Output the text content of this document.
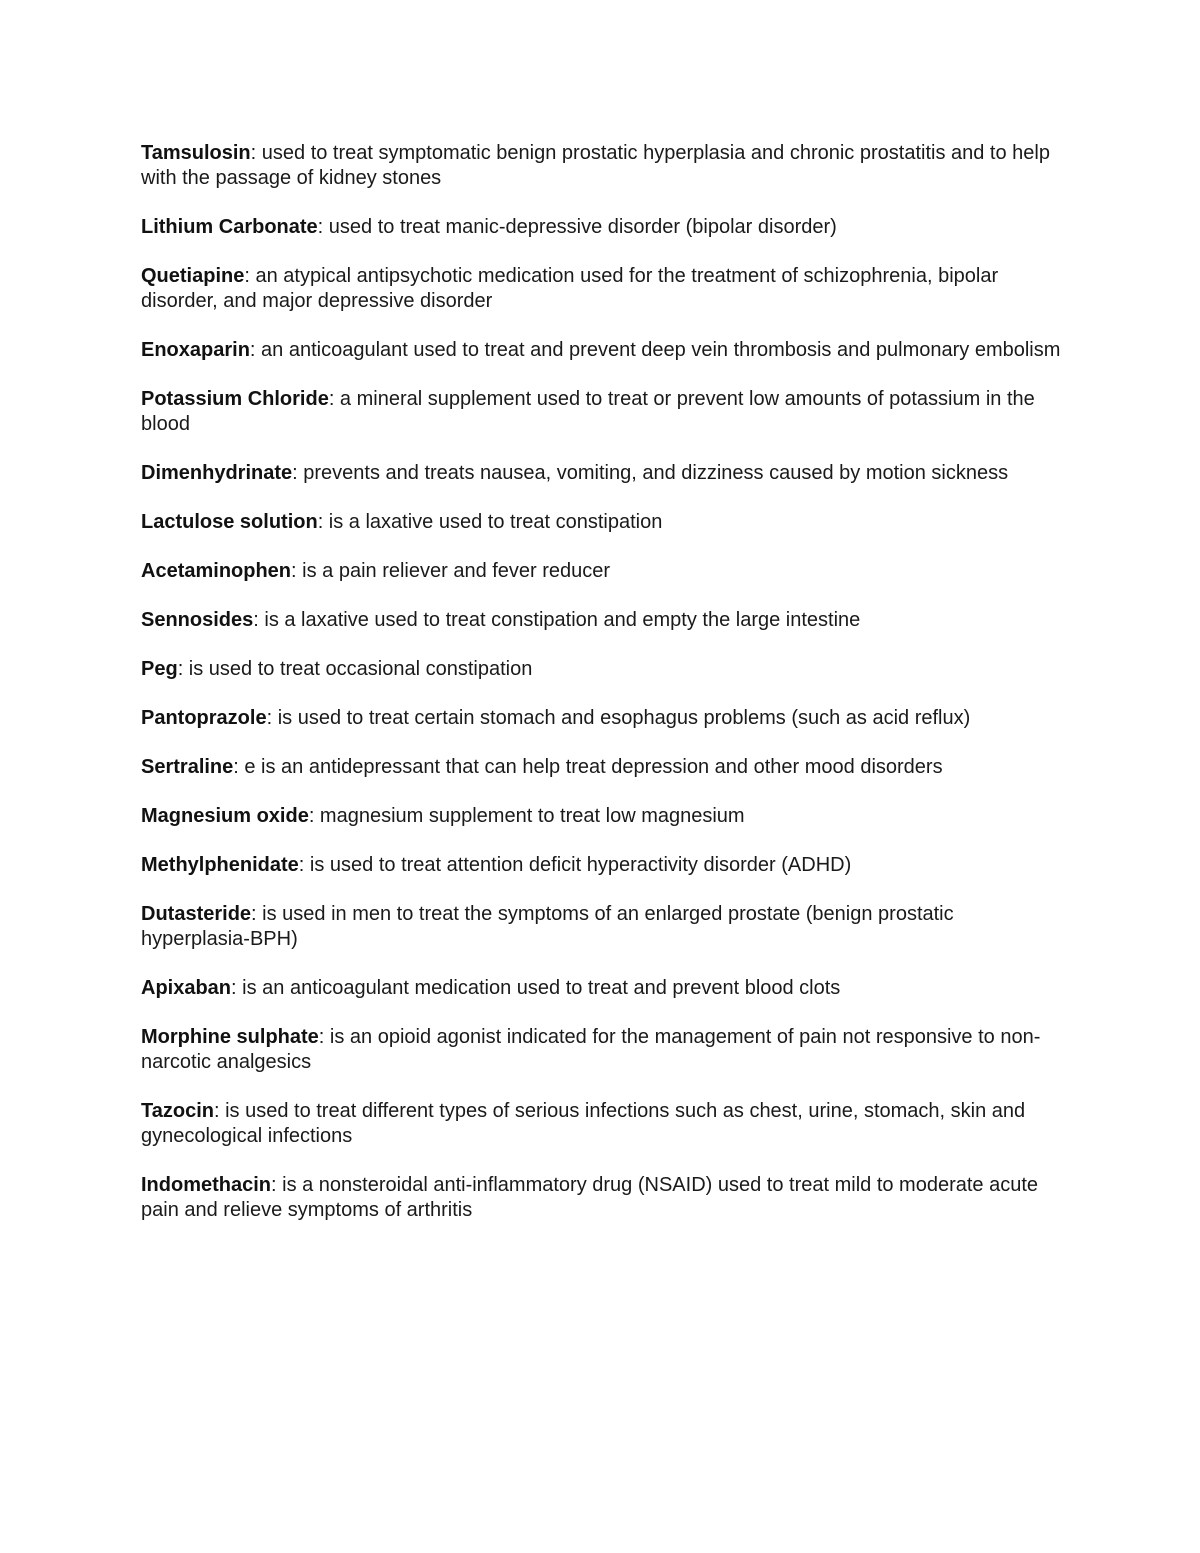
Tamsulosin: used to treat symptomatic benign prostatic hyperplasia and chronic prostatitis and to help with the passage of kidney stones

Lithium Carbonate: used to treat manic-depressive disorder (bipolar disorder)

Quetiapine: an atypical antipsychotic medication used for the treatment of schizophrenia, bipolar disorder, and major depressive disorder

Enoxaparin: an anticoagulant used to treat and prevent deep vein thrombosis and pulmonary embolism

Potassium Chloride: a mineral supplement used to treat or prevent low amounts of potassium in the blood

Dimenhydrinate: prevents and treats nausea, vomiting, and dizziness caused by motion sickness

Lactulose solution: is a laxative used to treat constipation

Acetaminophen: is a pain reliever and fever reducer

Sennosides: is a laxative used to treat constipation and empty the large intestine

Peg: is used to treat occasional constipation

Pantoprazole: is used to treat certain stomach and esophagus problems (such as acid reflux)

Sertraline: e is an antidepressant that can help treat depression and other mood disorders

Magnesium oxide: magnesium supplement to treat low magnesium

Methylphenidate: is used to treat attention deficit hyperactivity disorder (ADHD)

Dutasteride: is used in men to treat the symptoms of an enlarged prostate (benign prostatic hyperplasia-BPH)

Apixaban: is an anticoagulant medication used to treat and prevent blood clots

Morphine sulphate: is an opioid agonist indicated for the management of pain not responsive to non-narcotic analgesics

Tazocin: is used to treat different types of serious infections such as chest, urine, stomach, skin and gynecological infections

Indomethacin: is a nonsteroidal anti-inflammatory drug (NSAID) used to treat mild to moderate acute pain and relieve symptoms of arthritis
